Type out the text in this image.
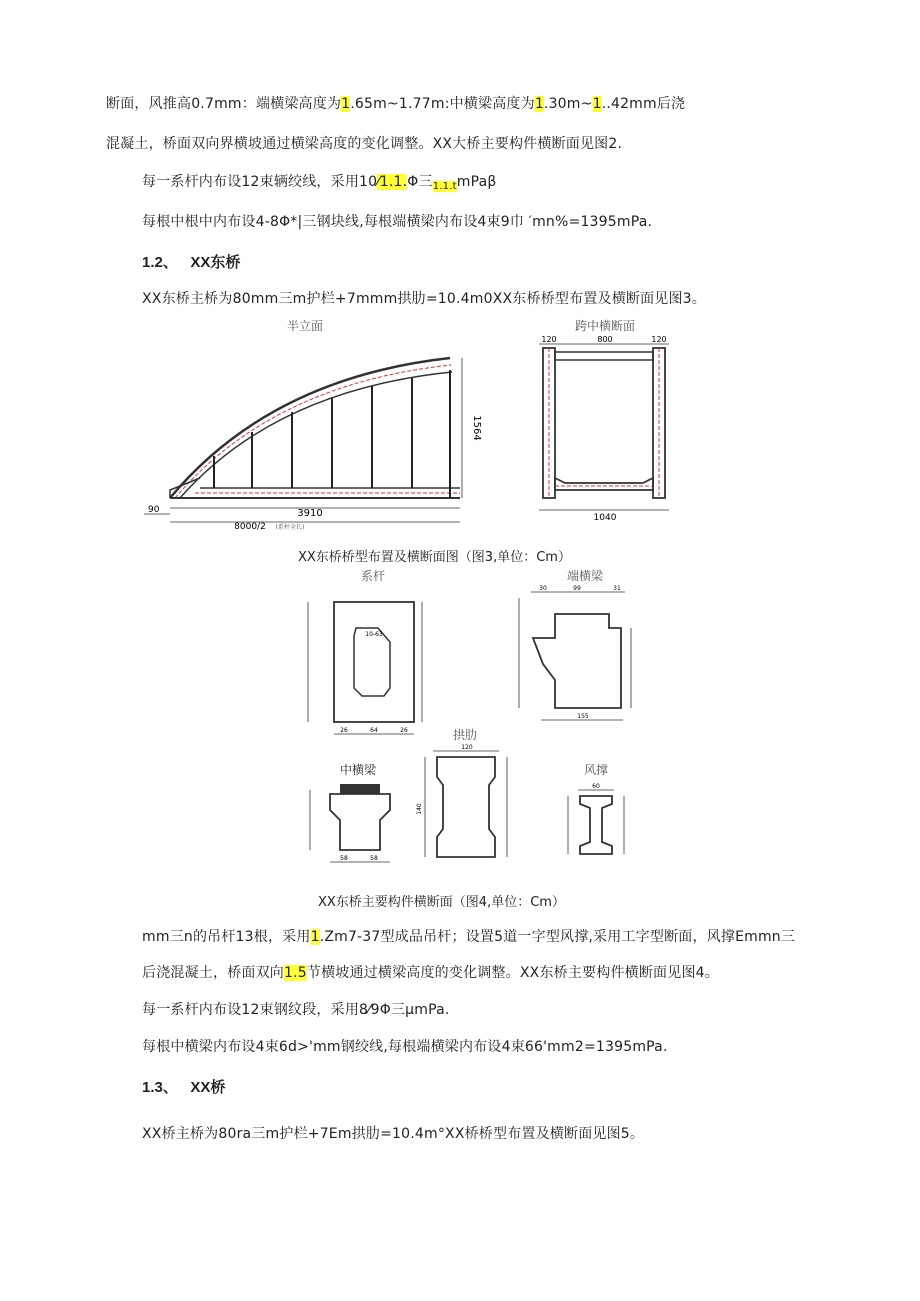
断面，风推高0.7mm：端横梁高度为1.65m~1.77m:中横梁高度为1.30m~1..42mm后浇
混凝土，桥面双向界横坡通过横梁高度的变化调整。XX大桥主要构件横断面见图2.
每一系杆内布设12束辆绞线，采用10⁄1.1.Φ三$_{1.1.t}$mPaβ
每根中根中内布设4-8Φ*|三钢块线,每根端横梁内布设4束9巾 ′mn%=1395mPa.
1.2、 XX东桥
XX东桥主桥为80mm三m护栏+7mmm拱肋=10.4m0XX东桥桥型布置及横断面见图3。
半立面
1564
3910
8000/2 (系杆全长)
90
跨中横断面
120	800	120
1040
XX东桥桥型布置及横断面图（图3,单位：Cm）
系杆
10-63
26	64	26
端横梁
30	99	31
155
中横梁
58	58
拱肋
120
140
风撑
60
XX东桥主要构件横断面（图4,单位：Cm）
mm三n的吊杆13根，采用1.Zm7-37型成品吊杆；设置5道一字型风撑,采用工字型断面，风撑Emmn三
后浇混凝土，桥面双向1.5节横坡通过横梁高度的变化调整。XX东桥主要构件横断面见图4。
每一系杆内布设12束钢纹段，采用8⁄9Φ三μmPa.
每根中横梁内布设4束6d>'mm钢绞线,每根端横梁内布设4束66'mm2=1395mPa.
1.3、 XX桥
XX桥主桥为80ra三m护栏+7Em拱肋=10.4m°XX桥桥型布置及横断面见图5。
